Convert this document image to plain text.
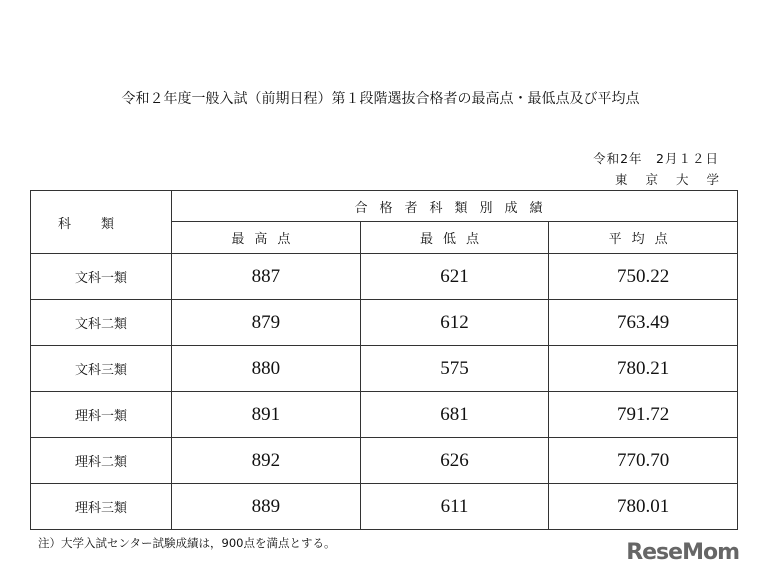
令和２年度一般入試（前期日程）第１段階選抜合格者の最高点・最低点及び平均点
令和2年　2月１２日
東京大学
科類	合格者科類別成績		
	最高点	最低点	平均点
文科一類	887	621	750.22
文科二類	879	612	763.49
文科三類	880	575	780.21
理科一類	891	681	791.72
理科二類	892	626	770.70
理科三類	889	611	780.01
注）大学入試センター試験成績は，900点を満点とする。	ReseMom
